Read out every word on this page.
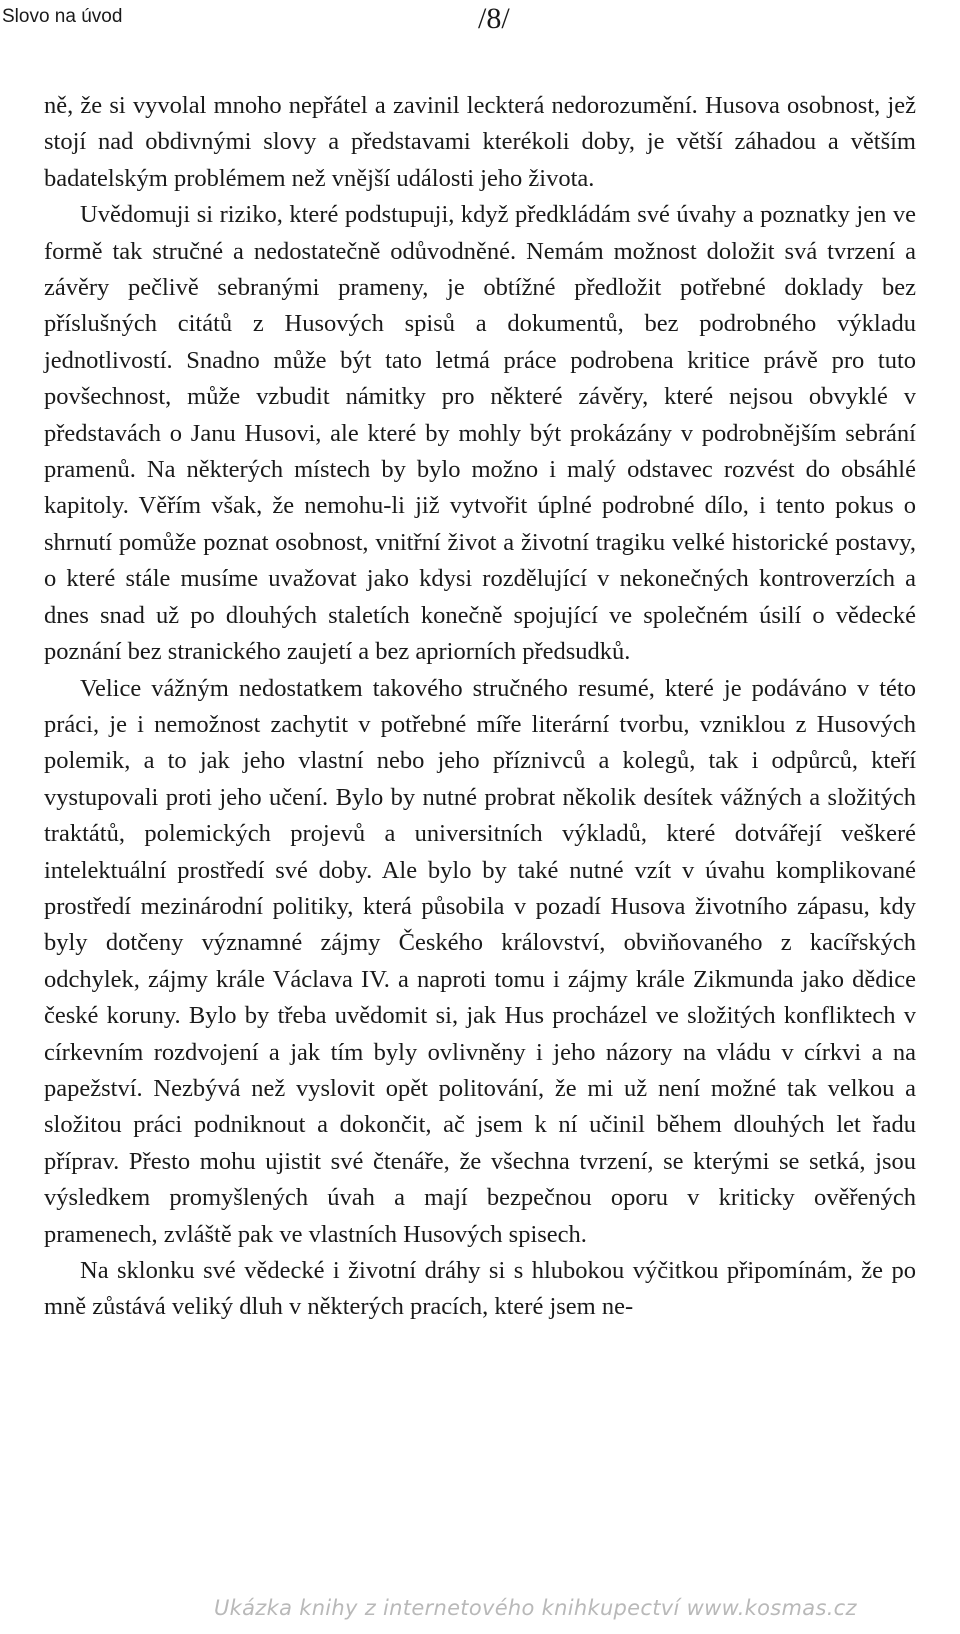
Slovo na úvod	/8/

ně, že si vyvolal mnoho nepřátel a zavinil leckterá nedorozumění. Husova osobnost, jež stojí nad obdivnými slovy a představami kterékoli doby, je větší záhadou a větším badatelským problémem než vnější události jeho života.

Uvědomuji si riziko, které podstupuji, když předkládám své úvahy a poznatky jen ve formě tak stručné a nedostatečně odůvodněné. Nemám možnost doložit svá tvrzení a závěry pečlivě sebranými prameny, je obtížné předložit potřebné doklady bez příslušných citátů z Husových spisů a dokumentů, bez podrobného výkladu jednotlivostí. Snadno může být tato letmá práce podrobena kritice právě pro tuto povšechnost, může vzbudit námitky pro některé závěry, které nejsou obvyklé v představách o Janu Husovi, ale které by mohly být prokázány v podrobnějším sebrání pramenů. Na některých místech by bylo možno i malý odstavec rozvést do obsáhlé kapitoly. Věřím však, že nemohu-li již vytvořit úplné podrobné dílo, i tento pokus o shrnutí pomůže poznat osobnost, vnitřní život a životní tragiku velké historické postavy, o které stále musíme uvažovat jako kdysi rozdělující v nekonečných kontroverzích a dnes snad už po dlouhých staletích konečně spojující ve společném úsilí o vědecké poznání bez stranického zaujetí a bez apriorních předsudků.

Velice vážným nedostatkem takového stručného resumé, které je podáváno v této práci, je i nemožnost zachytit v potřebné míře literární tvorbu, vzniklou z Husových polemik, a to jak jeho vlastní nebo jeho příznivců a kolegů, tak i odpůrců, kteří vystupovali proti jeho učení. Bylo by nutné probrat několik desítek vážných a složitých traktátů, polemických projevů a universitních výkladů, které dotvářejí veškeré intelektuální prostředí své doby. Ale bylo by také nutné vzít v úvahu komplikované prostředí mezinárodní politiky, která působila v pozadí Husova životního zápasu, kdy byly dotčeny významné zájmy Českého království, obviňovaného z kacířských odchylek, zájmy krále Václava IV. a naproti tomu i zájmy krále Zikmunda jako dědice české koruny. Bylo by třeba uvědomit si, jak Hus procházel ve složitých konfliktech v církevním rozdvojení a jak tím byly ovlivněny i jeho názory na vládu v církvi a na papežství. Nezbývá než vyslovit opět politování, že mi už není možné tak velkou a složitou práci podniknout a dokončit, ač jsem k ní učinil během dlouhých let řadu příprav. Přesto mohu ujistit své čtenáře, že všechna tvrzení, se kterými se setká, jsou výsledkem promyšlených úvah a mají bezpečnou oporu v kriticky ověřených pramenech, zvláště pak ve vlastních Husových spisech.

Na sklonku své vědecké i životní dráhy si s hlubokou výčitkou připomínám, že po mně zůstává veliký dluh v některých pracích, které jsem ne-

Ukázka knihy z internetového knihkupectví www.kosmas.cz
